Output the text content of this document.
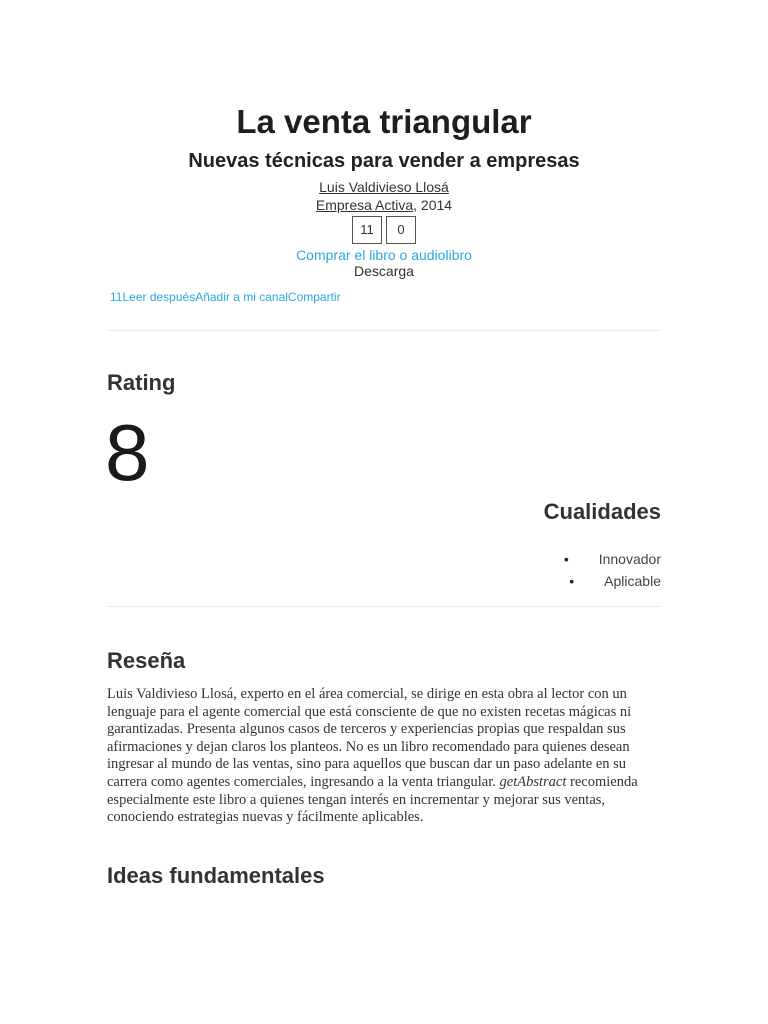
La venta triangular
Nuevas técnicas para vender a empresas
Luis Valdivieso Llosá
Empresa Activa, 2014
11	0
Comprar el libro o audiolibro
Descarga
11Leer despuésAñadir a mi canalCompartir
Rating
8
Cualidades
• Innovador
• Aplicable
Reseña

Luis Valdivieso Llosá, experto en el área comercial, se dirige en esta obra al lector con un lenguaje para el agente comercial que está consciente de que no existen recetas mágicas ni garantizadas. Presenta algunos casos de terceros y experiencias propias que respaldan sus afirmaciones y dejan claros los planteos. No es un libro recomendado para quienes desean ingresar al mundo de las ventas, sino para aquellos que buscan dar un paso adelante en su carrera como agentes comerciales, ingresando a la venta triangular. getAbstract recomienda especialmente este libro a quienes tengan interés en incrementar y mejorar sus ventas, conociendo estrategias nuevas y fácilmente aplicables.

Ideas fundamentales
